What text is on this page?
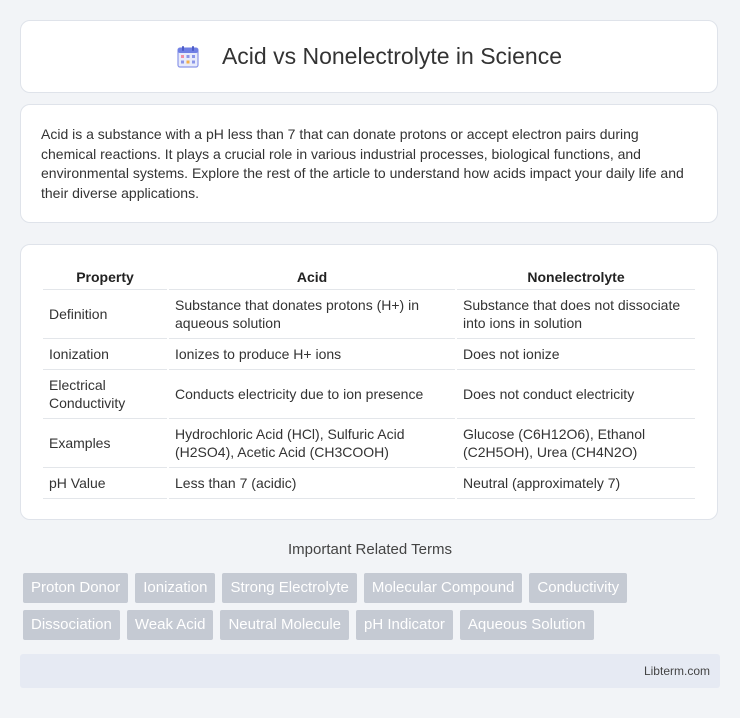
Acid vs Nonelectrolyte in Science
Acid is a substance with a pH less than 7 that can donate protons or accept electron pairs during chemical reactions. It plays a crucial role in various industrial processes, biological functions, and environmental systems. Explore the rest of the article to understand how acids impact your daily life and their diverse applications.
Property	Acid	Nonelectrolyte
Definition	Substance that donates protons (H+) in aqueous solution	Substance that does not dissociate into ions in solution
Ionization	Ionizes to produce H+ ions	Does not ionize
Electrical Conductivity	Conducts electricity due to ion presence	Does not conduct electricity
Examples	Hydrochloric Acid (HCl), Sulfuric Acid (H2SO4), Acetic Acid (CH3COOH)	Glucose (C6H12O6), Ethanol (C2H5OH), Urea (CH4N2O)
pH Value	Less than 7 (acidic)	Neutral (approximately 7)
Important Related Terms
Proton Donor	Ionization	Strong Electrolyte	Molecular Compound	Conductivity
Dissociation	Weak Acid	Neutral Molecule	pH Indicator	Aqueous Solution
Libterm.com
